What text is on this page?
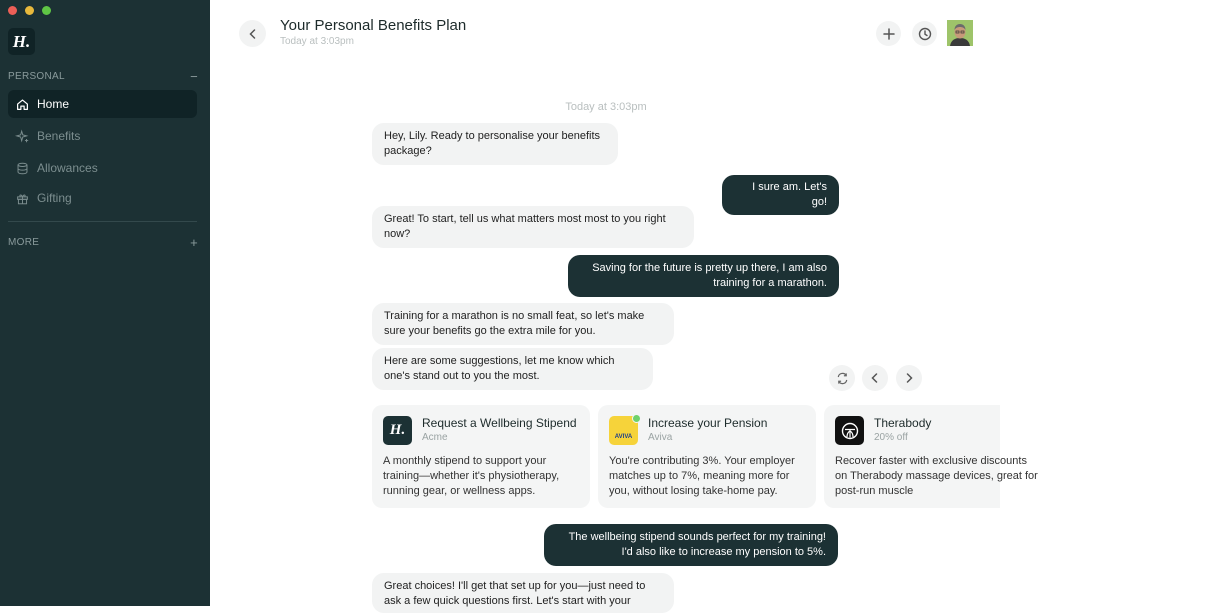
H.
PERSONAL	−
Home
Benefits
Allowances
Gifting
MORE	+
Your Personal Benefits Plan
Today at 3:03pm
Today at 3:03pm
Hey, Lily. Ready to personalise your benefits package?
I sure am. Let's go!
Great! To start, tell us what matters most most to you right now?
Saving for the future is pretty up there, I am also training for a marathon.
Training for a marathon is no small feat, so let's make sure your benefits go the extra mile for you.
Here are some suggestions, let me know which one's stand out to you the most.
H.	Request a Wellbeing Stipend
Acme
A monthly stipend to support your training—whether it's physiotherapy, running gear, or wellness apps.
AVIVA
Increase your Pension
Aviva
You're contributing 3%. Your employer matches up to 7%, meaning more for you, without losing take-home pay.
Therabody
20% off
Recover faster with exclusive discounts on Therabody massage devices, great for post-run muscle
The wellbeing stipend sounds perfect for my training! I'd also like to increase my pension to 5%.
Great choices! I'll get that set up for you—just need to ask a few quick questions first. Let's start with your
